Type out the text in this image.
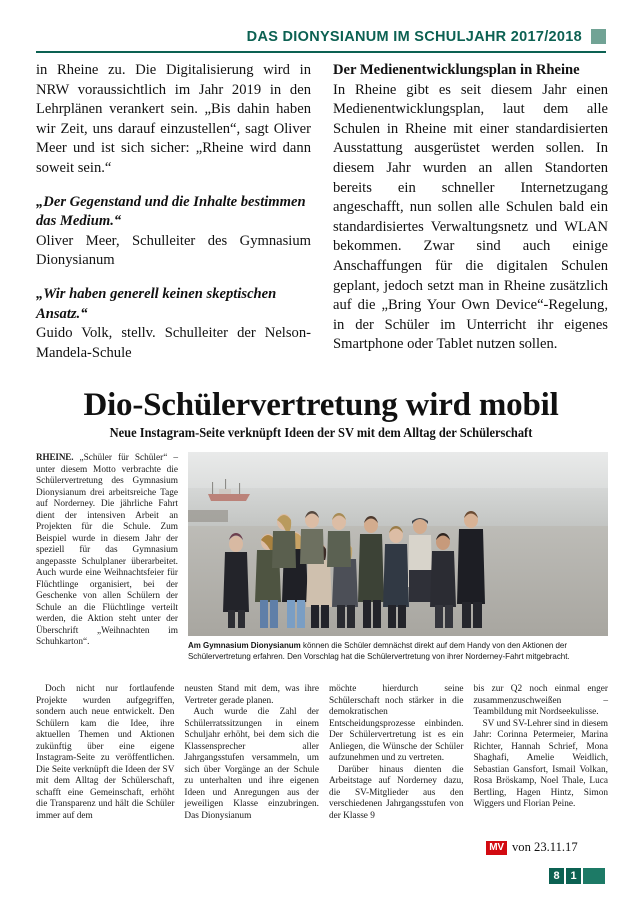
DAS DIONYSIANUM IM SCHULJAHR 2017/2018

in Rheine zu. Die Digitalisierung wird in NRW voraussichtlich im Jahr 2019 in den Lehrplänen verankert sein. „Bis dahin haben wir Zeit, uns darauf einzustellen“, sagt Oliver Meer und ist sich sicher: „Rheine wird dann soweit sein.“

„Der Gegenstand und die Inhalte bestimmen das Medium.“

Oliver Meer, Schulleiter des Gymnasium Dionysianum

„Wir haben generell keinen skeptischen Ansatz.“

Guido Volk, stellv. Schulleiter der Nelson-Mandela-Schule

Der Medienentwicklungsplan in Rheine

In Rheine gibt es seit diesem Jahr einen Medienentwicklungsplan, laut dem alle Schulen in Rheine mit einer standardisierten Ausstattung ausgerüstet werden sollen. In diesem Jahr wurden an allen Standorten bereits ein schneller Internetzugang angeschafft, nun sollen alle Schulen bald ein standardisiertes Verwaltungsnetz und WLAN bekommen. Zwar sind auch einige Anschaffungen für die digitalen Schulen geplant, jedoch setzt man in Rheine zusätzlich auf die „Bring Your Own Device“-Regelung, in der Schüler im Unterricht ihr eigenes Smartphone oder Tablet nutzen sollen.

Dio-Schülervertretung wird mobil
Neue Instagram-Seite verknüpft Ideen der SV mit dem Alltag der Schülerschaft

RHEINE. „Schüler für Schüler“ – unter diesem Motto verbrachte die Schülervertretung des Gymnasium Dionysianum drei arbeitsreiche Tage auf Norderney. Die jährliche Fahrt dient der intensiven Arbeit an Projekten für die Schule. Zum Beispiel wurde in diesem Jahr der speziell für das Gymnasium angepasste Schulplaner überarbeitet. Auch wurde eine Weihnachtsfeier für Flüchtlinge organisiert, bei der Geschenke von allen Schülern der Schule an die Flüchtlinge verteilt werden, die Aktion steht unter der Überschrift „Weihnachten im Schuhkarton“.	Am Gymnasium Dionysianum können die Schüler demnächst direkt auf dem Handy von den Aktionen der Schülervertretung erfahren. Den Vorschlag hat die Schülervertretung von ihrer Norderney-Fahrt mitgebracht.

Doch nicht nur fortlaufende Projekte wurden aufgegriffen, sondern auch neue entwickelt. Den Schülern kam die Idee, ihre aktuellen Themen und Aktionen zukünftig über eine eigene Instagram-Seite zu veröffentlichen. Die Seite verknüpft die Ideen der SV mit dem Alltag der Schülerschaft, schafft eine Gemeinschaft, erhöht die Transparenz und hält die Schüler immer auf dem

neusten Stand mit dem, was ihre Vertreter gerade planen.

Auch wurde die Zahl der Schülerratssitzungen in einem Schuljahr erhöht, bei dem sich die Klassensprecher aller Jahrgangsstufen versammeln, um sich über Vorgänge an der Schule zu unterhalten und ihre eigenen Ideen und Anregungen aus der jeweiligen Klasse einzubringen. Das Dionysianum

möchte hierdurch seine Schülerschaft noch stärker in die demokratischen Entscheidungsprozesse einbinden. Der Schülervertretung ist es ein Anliegen, die Wünsche der Schüler aufzunehmen und zu vertreten.

Darüber hinaus dienten die Arbeitstage auf Norderney dazu, die SV-Mitglieder aus den verschiedenen Jahrgangsstufen von der Klasse 9

bis zur Q2 noch einmal enger zusammenzuschweißen – Teambildung mit Nordseekulisse.

SV und SV-Lehrer sind in diesem Jahr: Corinna Petermeier, Marina Richter, Hannah Schrief, Mona Shaghafi, Amelie Weidlich, Sebastian Gansfort, Ismail Volkan, Rosa Bröskamp, Noel Thale, Luca Bertling, Hagen Hintz, Simon Wiggers und Florian Peine.

MV von 23.11.17
8 1
